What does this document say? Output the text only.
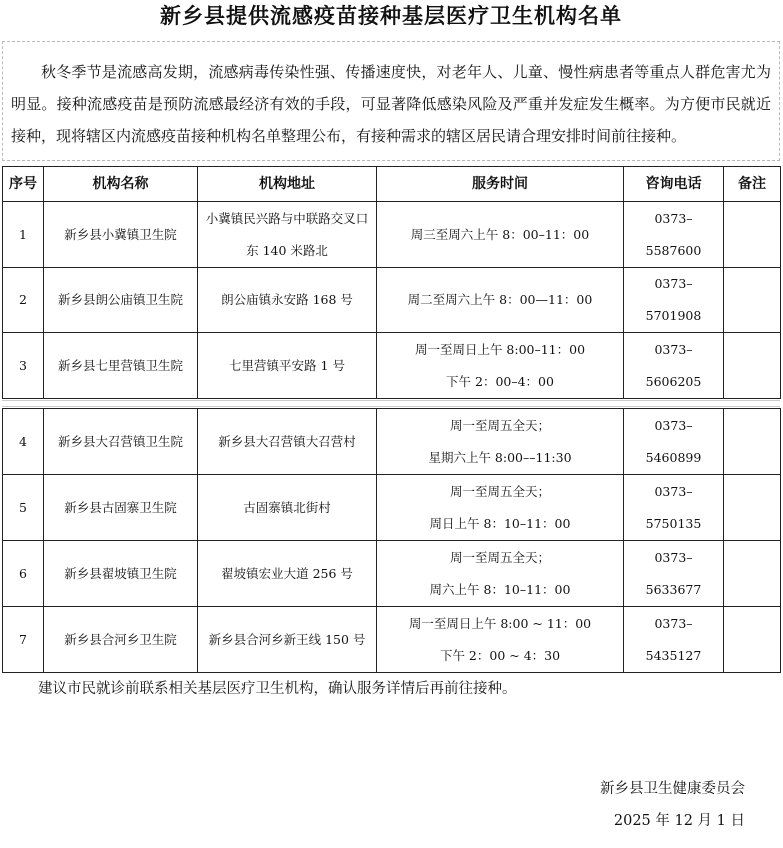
新乡县提供流感疫苗接种基层医疗卫生机构名单
秋冬季节是流感高发期，流感病毒传染性强、传播速度快，对老年人、儿童、慢性病患者等重点人群危害尤为明显。接种流感疫苗是预防流感最经济有效的手段，可显著降低感染风险及严重并发症发生概率。为方便市民就近接种，现将辖区内流感疫苗接种机构名单整理公布，有接种需求的辖区居民请合理安排时间前往接种。
序号	机构名称	机构地址	服务时间	咨询电话	备注
1	新乡县小冀镇卫生院	小冀镇民兴路与中联路交叉口
东 140 米路北	周三至周六上午 8：00–11：00	0373–5587600	
2	新乡县朗公庙镇卫生院	朗公庙镇永安路 168 号	周二至周六上午 8：00—11：00	0373–5701908	
3	新乡县七里营镇卫生院	七里营镇平安路 1 号	周一至周日上午 8:00–11：00
下午 2：00–4：00	0373–5606205	
4	新乡县大召营镇卫生院	新乡县大召营镇大召营村	周一至周五全天；
星期六上午 8:00––11:30	0373–5460899	
5	新乡县古固寨卫生院	古固寨镇北街村	周一至周五全天；
周日上午 8：10–11：00	0373–5750135	
6	新乡县翟坡镇卫生院	翟坡镇宏业大道 256 号	周一至周五全天；
周六上午 8：10–11：00	0373–5633677	
7	新乡县合河乡卫生院	新乡县合河乡新王线 150 号	周一至周日上午 8:00 ~ 11：00
下午 2：00 ~ 4：30	0373–5435127	
建议市民就诊前联系相关基层医疗卫生机构，确认服务详情后再前往接种。
新乡县卫生健康委员会
2025 年 12 月 1 日
